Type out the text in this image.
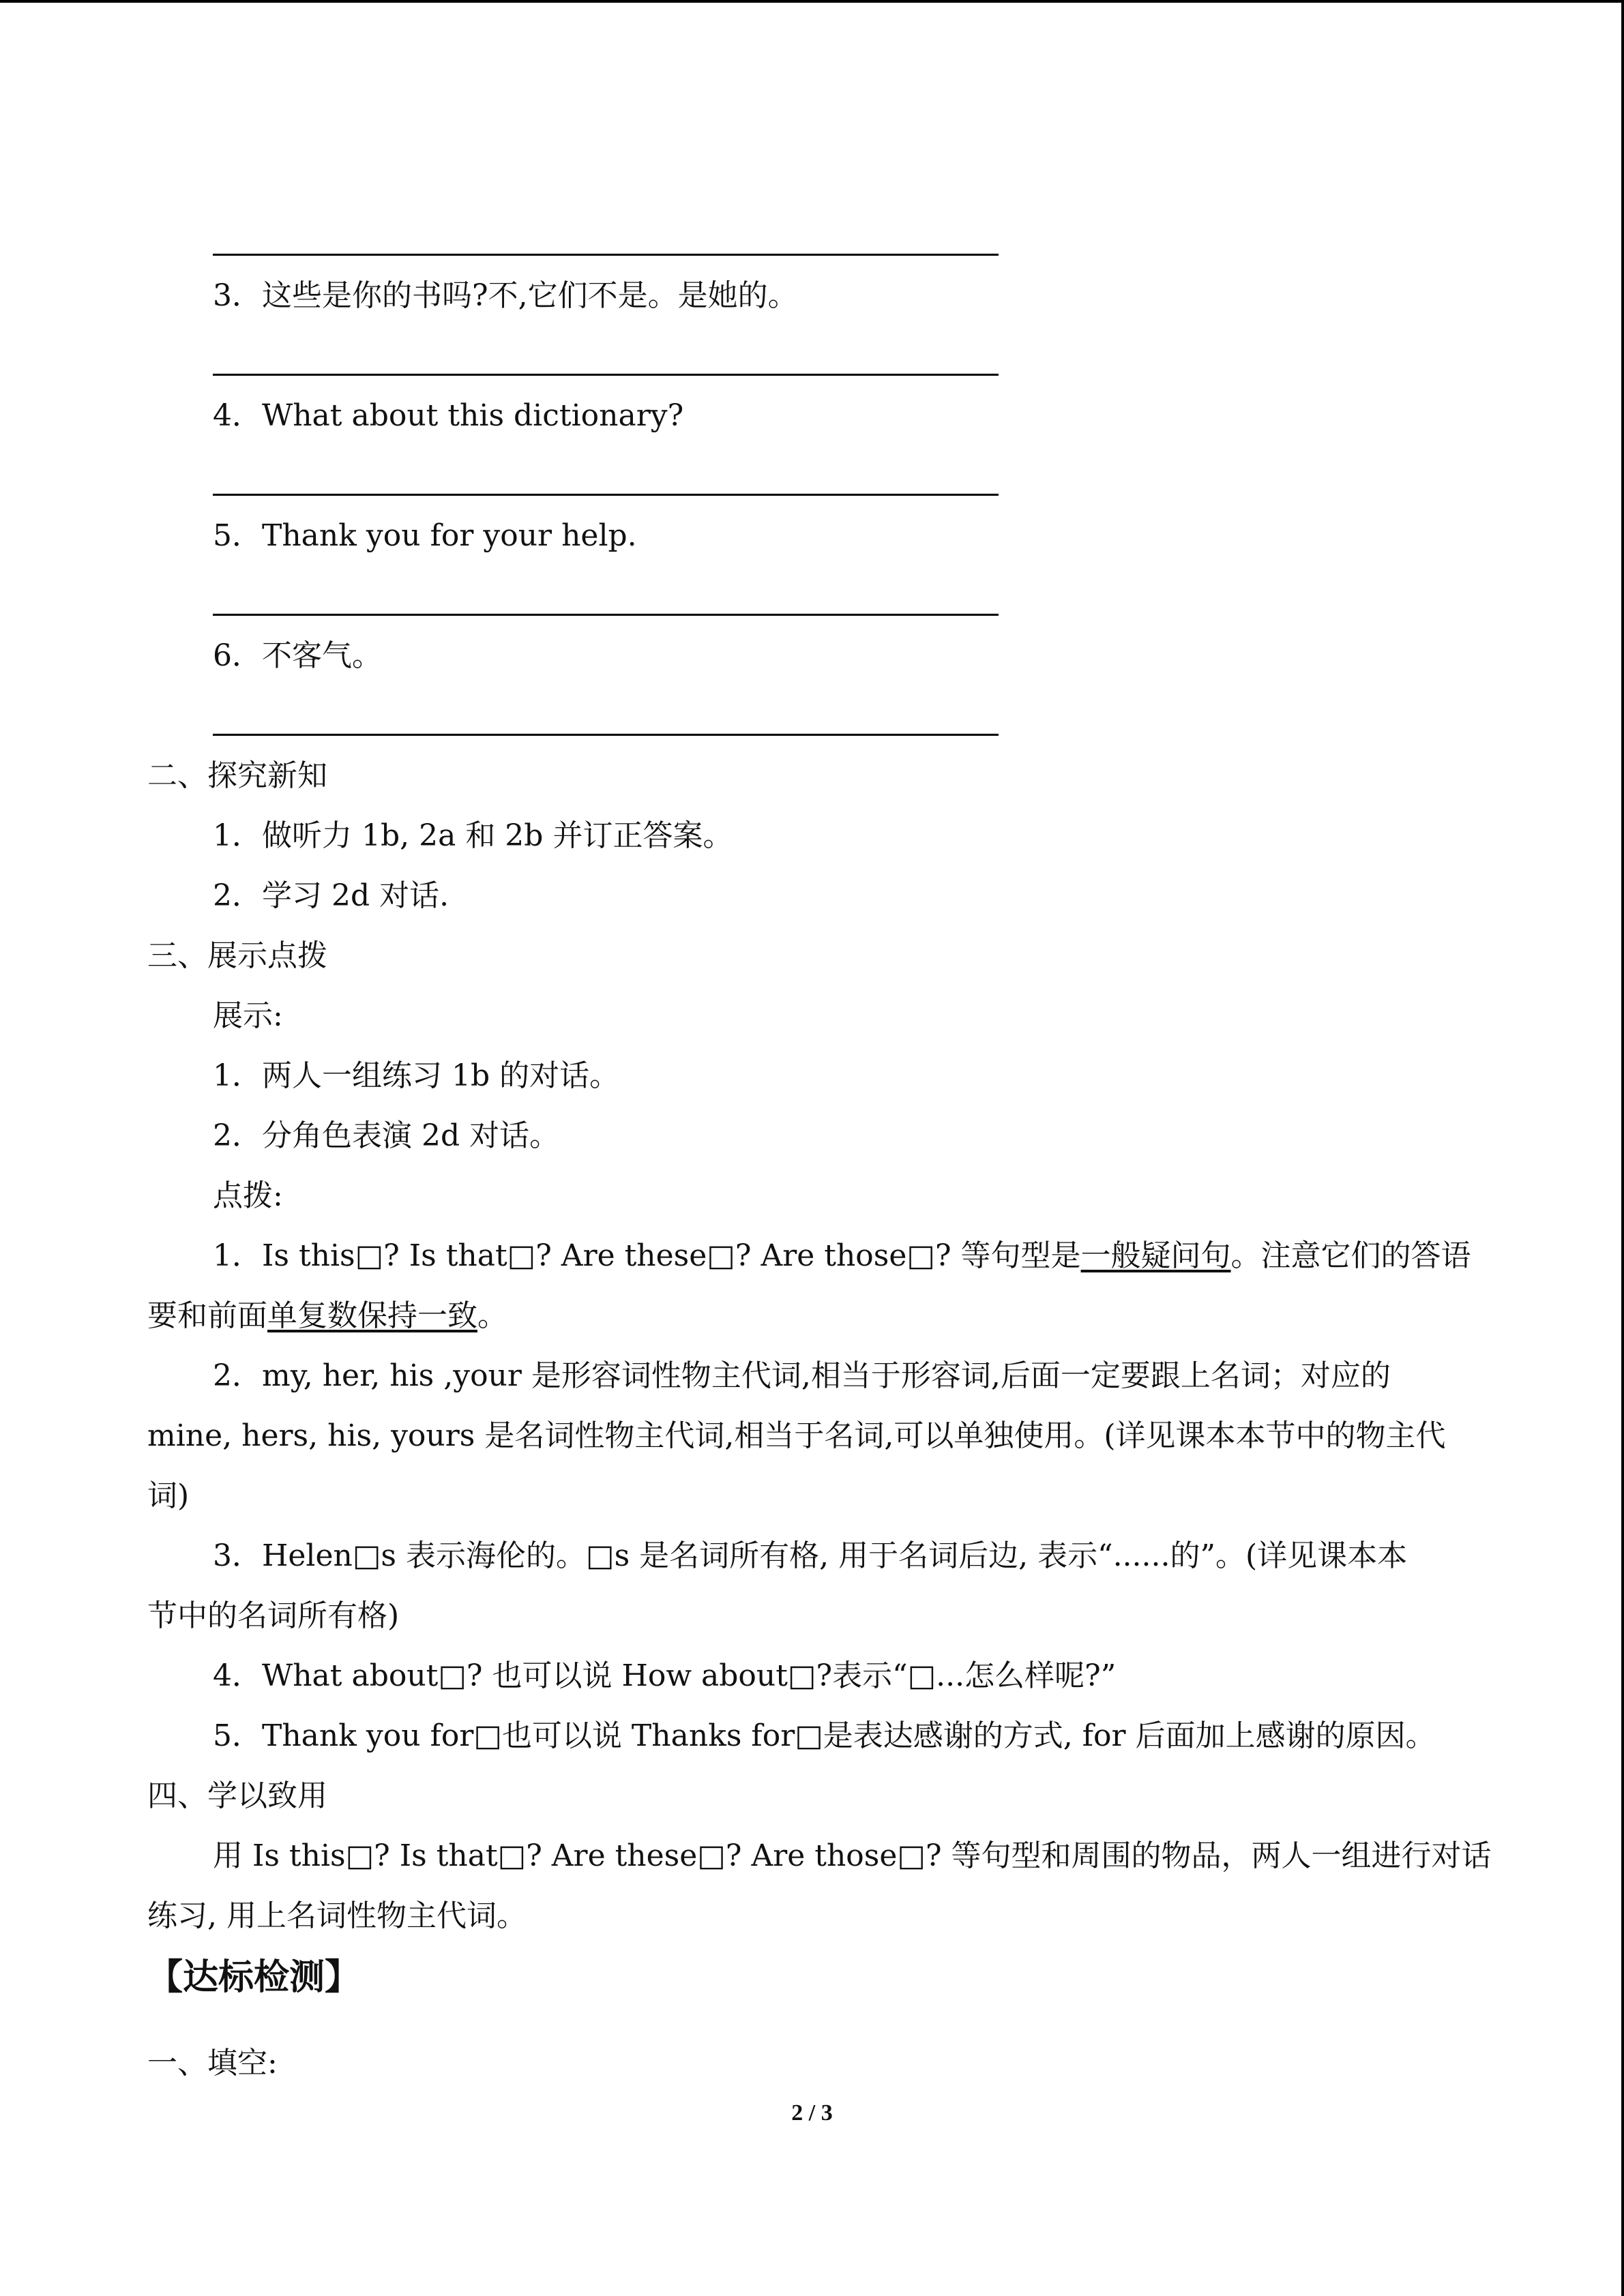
3．这些是你的书吗?不,它们不是。是她的。
4．What about this dictionary?
5．Thank you for your help.
6．不客气。
二、探究新知
1．做听力 1b, 2a 和 2b 并订正答案。
2．学习 2d 对话.
三、展示点拨
展示:
1．两人一组练习 1b 的对话。
2．分角色表演 2d 对话。
点拨:
1．Is this□? Is that□? Are these□? Are those□? 等句型是一般疑问句。注意它们的答语
要和前面单复数保持一致。
2．my, her, his ,your 是形容词性物主代词,相当于形容词,后面一定要跟上名词；对应的
mine, hers, his, yours 是名词性物主代词,相当于名词,可以单独使用。(详见课本本节中的物主代
词)
3．Helen□s 表示海伦的。□s 是名词所有格, 用于名词后边, 表示“......的”。(详见课本本
节中的名词所有格)
4．What about□? 也可以说 How about□?表示“□...怎么样呢?”
5．Thank you for□也可以说 Thanks for□是表达感谢的方式, for 后面加上感谢的原因。
四、学以致用
用 Is this□? Is that□? Are these□? Are those□? 等句型和周围的物品，两人一组进行对话
练习, 用上名词性物主代词。
【达标检测】
一、填空:
2 / 3
